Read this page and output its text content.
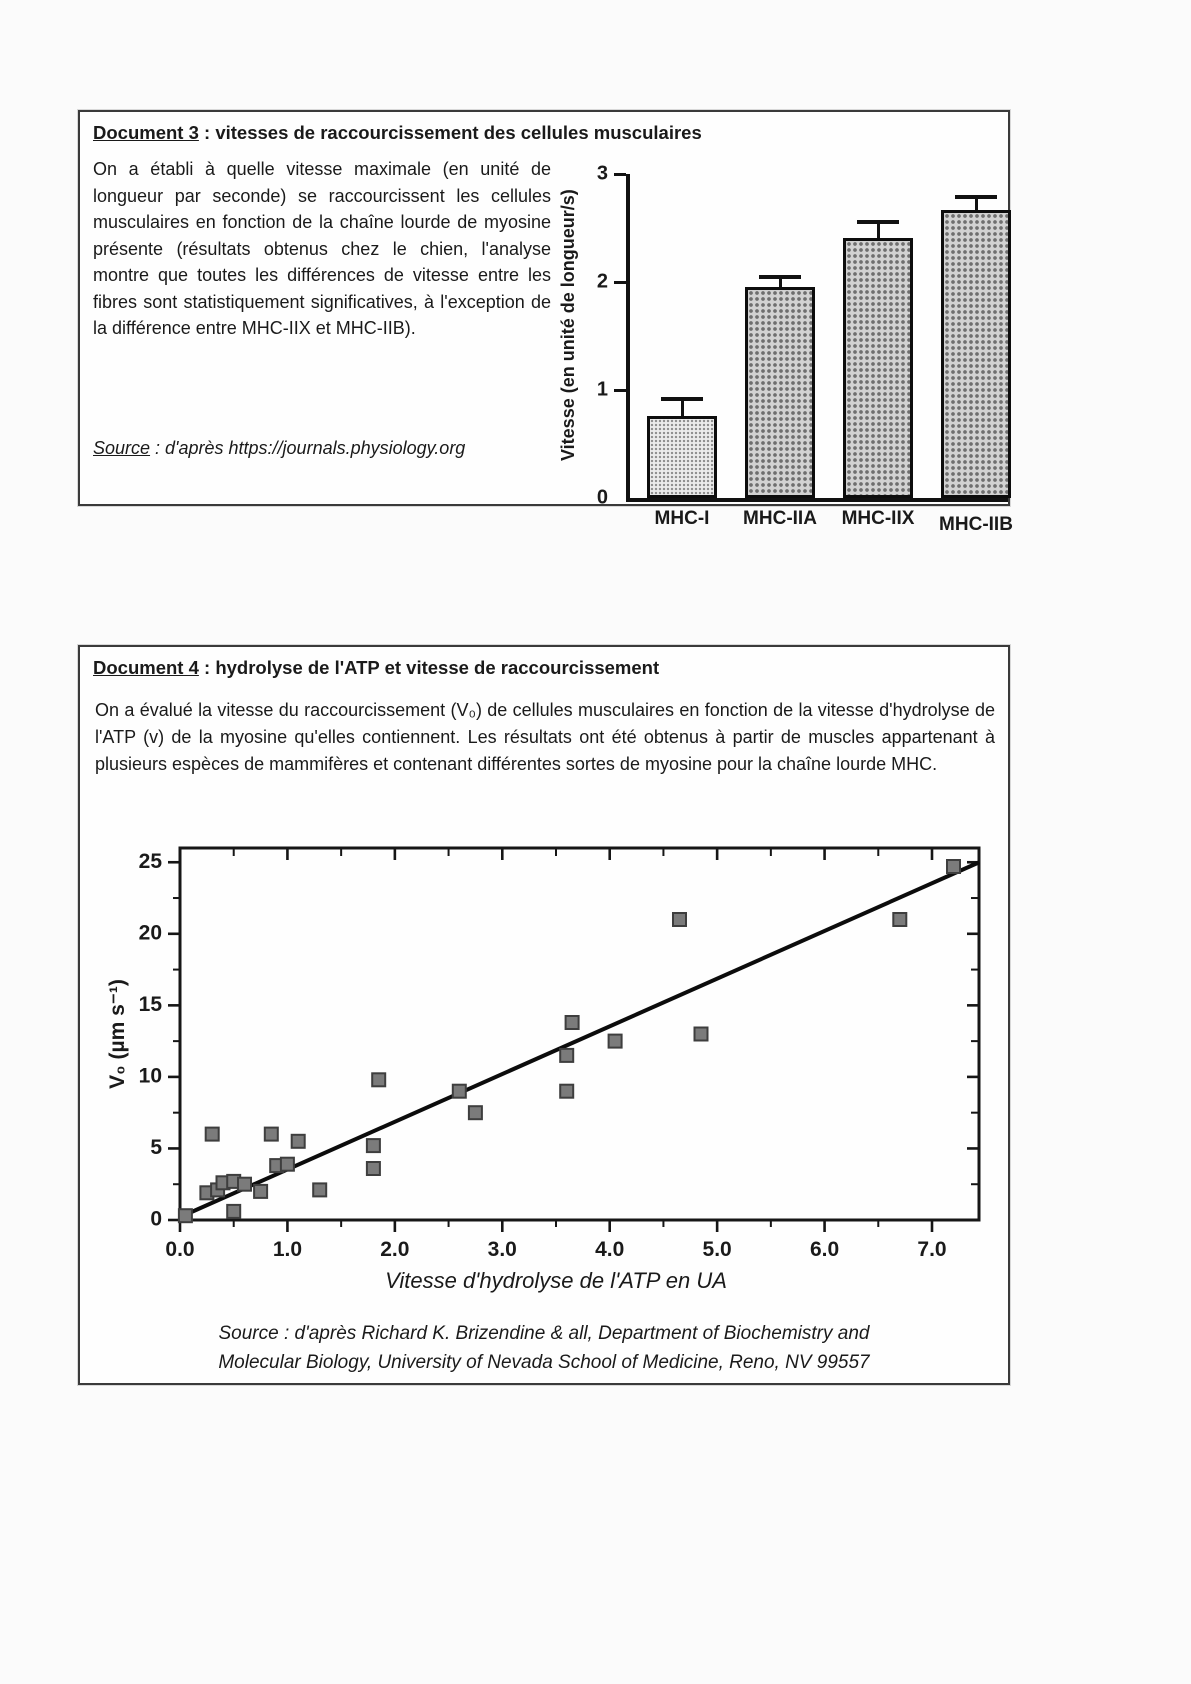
Document 3 : vitesses de raccourcissement des cellules musculaires

On a établi à quelle vitesse maximale (en unité de longueur par seconde) se raccourcissent les cellules musculaires en fonction de la chaîne lourde de myosine présente (résultats obtenus chez le chien, l'analyse montre que toutes les différences de vitesse entre les fibres sont statistiquement significatives, à l'exception de la différence entre MHC-IIX et MHC-IIB).

Source : d'après https://journals.physiology.org	Vitesse (en unité de longueur/s)
0
1
2
3
MHC-I MHC-IIA MHC-IIX MHC-IIB
Document 4 : hydrolyse de l'ATP et vitesse de raccourcissement

On a évalué la vitesse du raccourcissement (V₀) de cellules musculaires en fonction de la vitesse d'hydrolyse de l'ATP (v) de la myosine qu'elles contiennent. Les résultats ont été obtenus à partir de muscles appartenant à plusieurs espèces de mammifères et contenant différentes sortes de myosine pour la chaîne lourde MHC.

0
5
10
15
20
25
0.0	1.0	2.0	3.0	4.0	5.0	6.0	7.0
V₀ (µm s⁻¹)
Vitesse d'hydrolyse de l'ATP en UA

Source : d'après Richard K. Brizendine & all, Department of Biochemistry and
Molecular Biology, University of Nevada School of Medicine, Reno, NV 99557
